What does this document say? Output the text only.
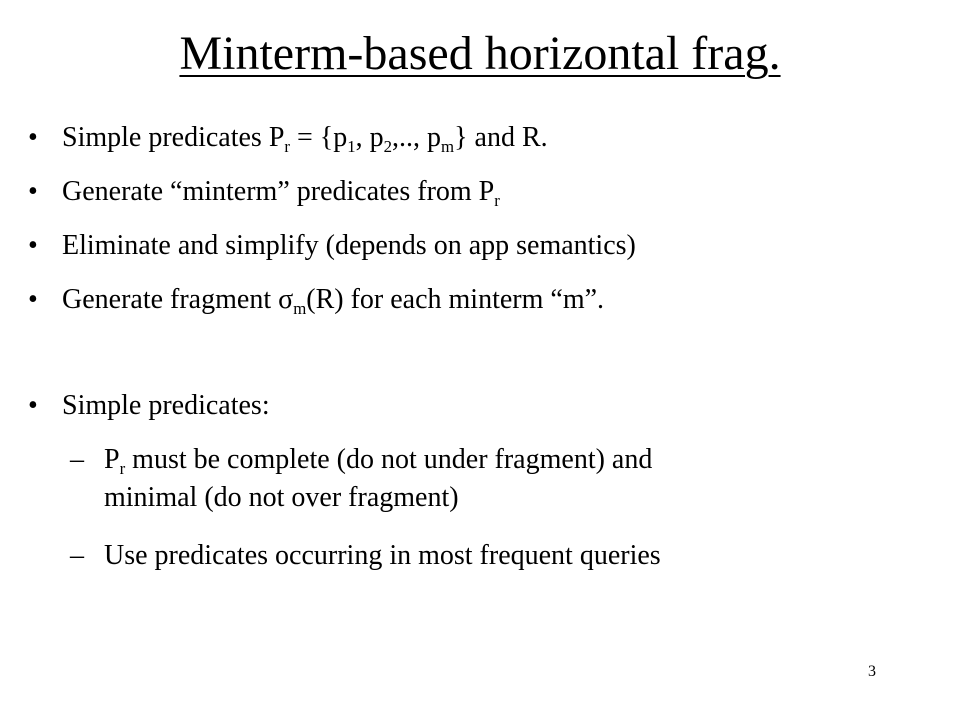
Minterm-based horizontal frag.
• Simple predicates $P_r = \{p_1$, $p_2$,.., $p_m$} and R.
• Generate “minterm” predicates from $P_r$
• Eliminate and simplify (depends on app semantics)
• Generate fragment $\sigma_m(R)$ for each minterm “m”.
• Simple predicates:
– $P_r$ must be complete (do not under fragment) and
minimal (do not over fragment)
– Use predicates occurring in most frequent queries
3
